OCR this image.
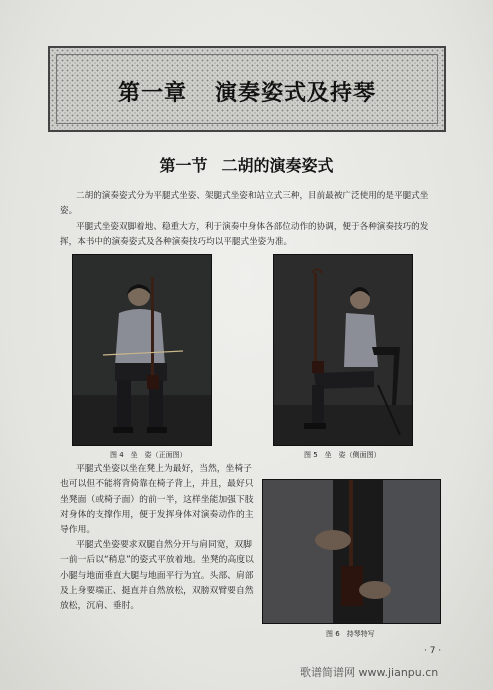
第一章 演奏姿式及持琴
第一节 二胡的演奏姿式
二胡的演奏姿式分为平腿式坐姿、架腿式坐姿和站立式三种，目前最被广泛使用的是平腿式坐姿。
平腿式坐姿双脚着地、稳重大方，利于演奏中身体各部位动作的协调，便于各种演奏技巧的发挥，本书中的演奏姿式及各种演奏技巧均以平腿式坐姿为准。
图 4　坐　姿（正面图）	图 5　坐　姿（侧面图）
平腿式坐姿以坐在凳上为最好，当然，坐椅子也可以但不能将背倚靠在椅子背上，并且，最好只坐凳面（或椅子面）的前一半，这样坐能加强下肢对身体的支撑作用，便于发挥身体对演奏动作的主导作用。
平腿式坐姿要求双腿自然分开与肩同宽，双脚一前一后以“稍息”的姿式平放着地。坐凳的高度以小腿与地面垂直大腿与地面平行为宜。头部、肩部及上身要端正、挺直并自然放松，双膀双臂要自然放松，沉肩、垂肘。
图 6　持琴特写
· 7 ·
歌谱简谱网 www.jianpu.cn
